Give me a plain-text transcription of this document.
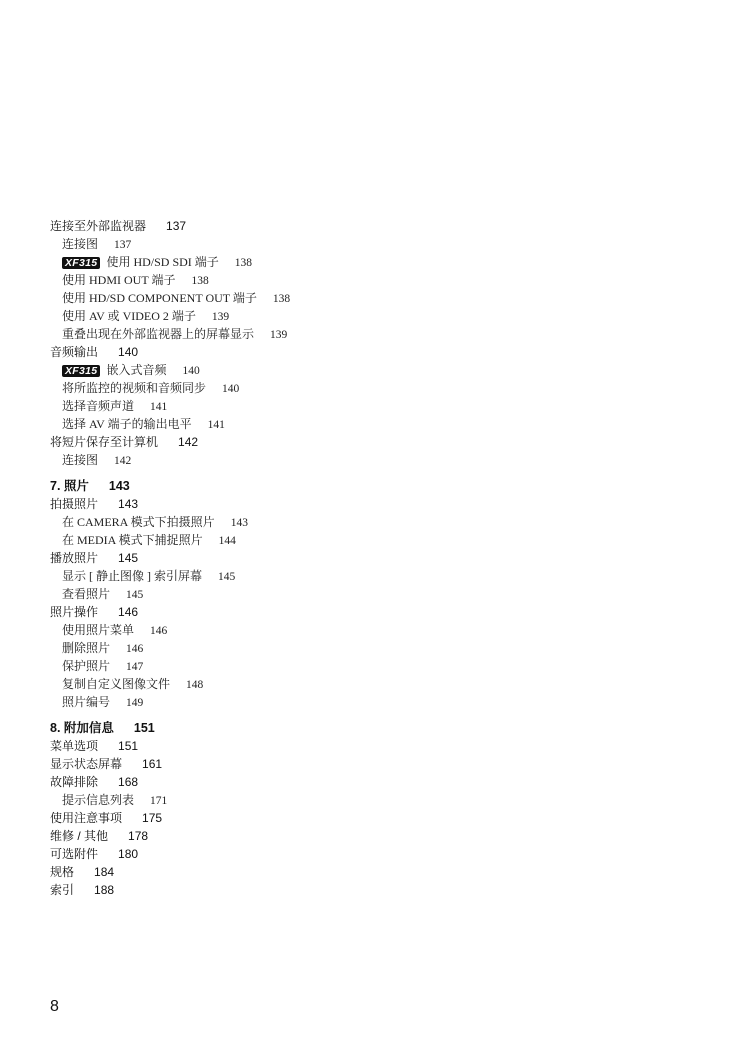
连接至外部监视器 137
连接图 137
XF315 使用 HD/SD SDI 端子 138
使用 HDMI OUT 端子 138
使用 HD/SD COMPONENT OUT 端子 138
使用 AV 或 VIDEO 2 端子 139
重叠出现在外部监视器上的屏幕显示 139
音频输出 140
XF315 嵌入式音频 140
将所监控的视频和音频同步 140
选择音频声道 141
选择 AV 端子的输出电平 141
将短片保存至计算机 142
连接图 142
7. 照片 143
拍摄照片 143
在 CAMERA 模式下拍摄照片 143
在 MEDIA 模式下捕捉照片 144
播放照片 145
显示 [ 静止图像 ] 索引屏幕 145
查看照片 145
照片操作 146
使用照片菜单 146
删除照片 146
保护照片 147
复制自定义图像文件 148
照片编号 149
8. 附加信息 151
菜单选项 151
显示状态屏幕 161
故障排除 168
提示信息列表 171
使用注意事项 175
维修 / 其他 178
可选附件 180
规格 184
索引 188
8
